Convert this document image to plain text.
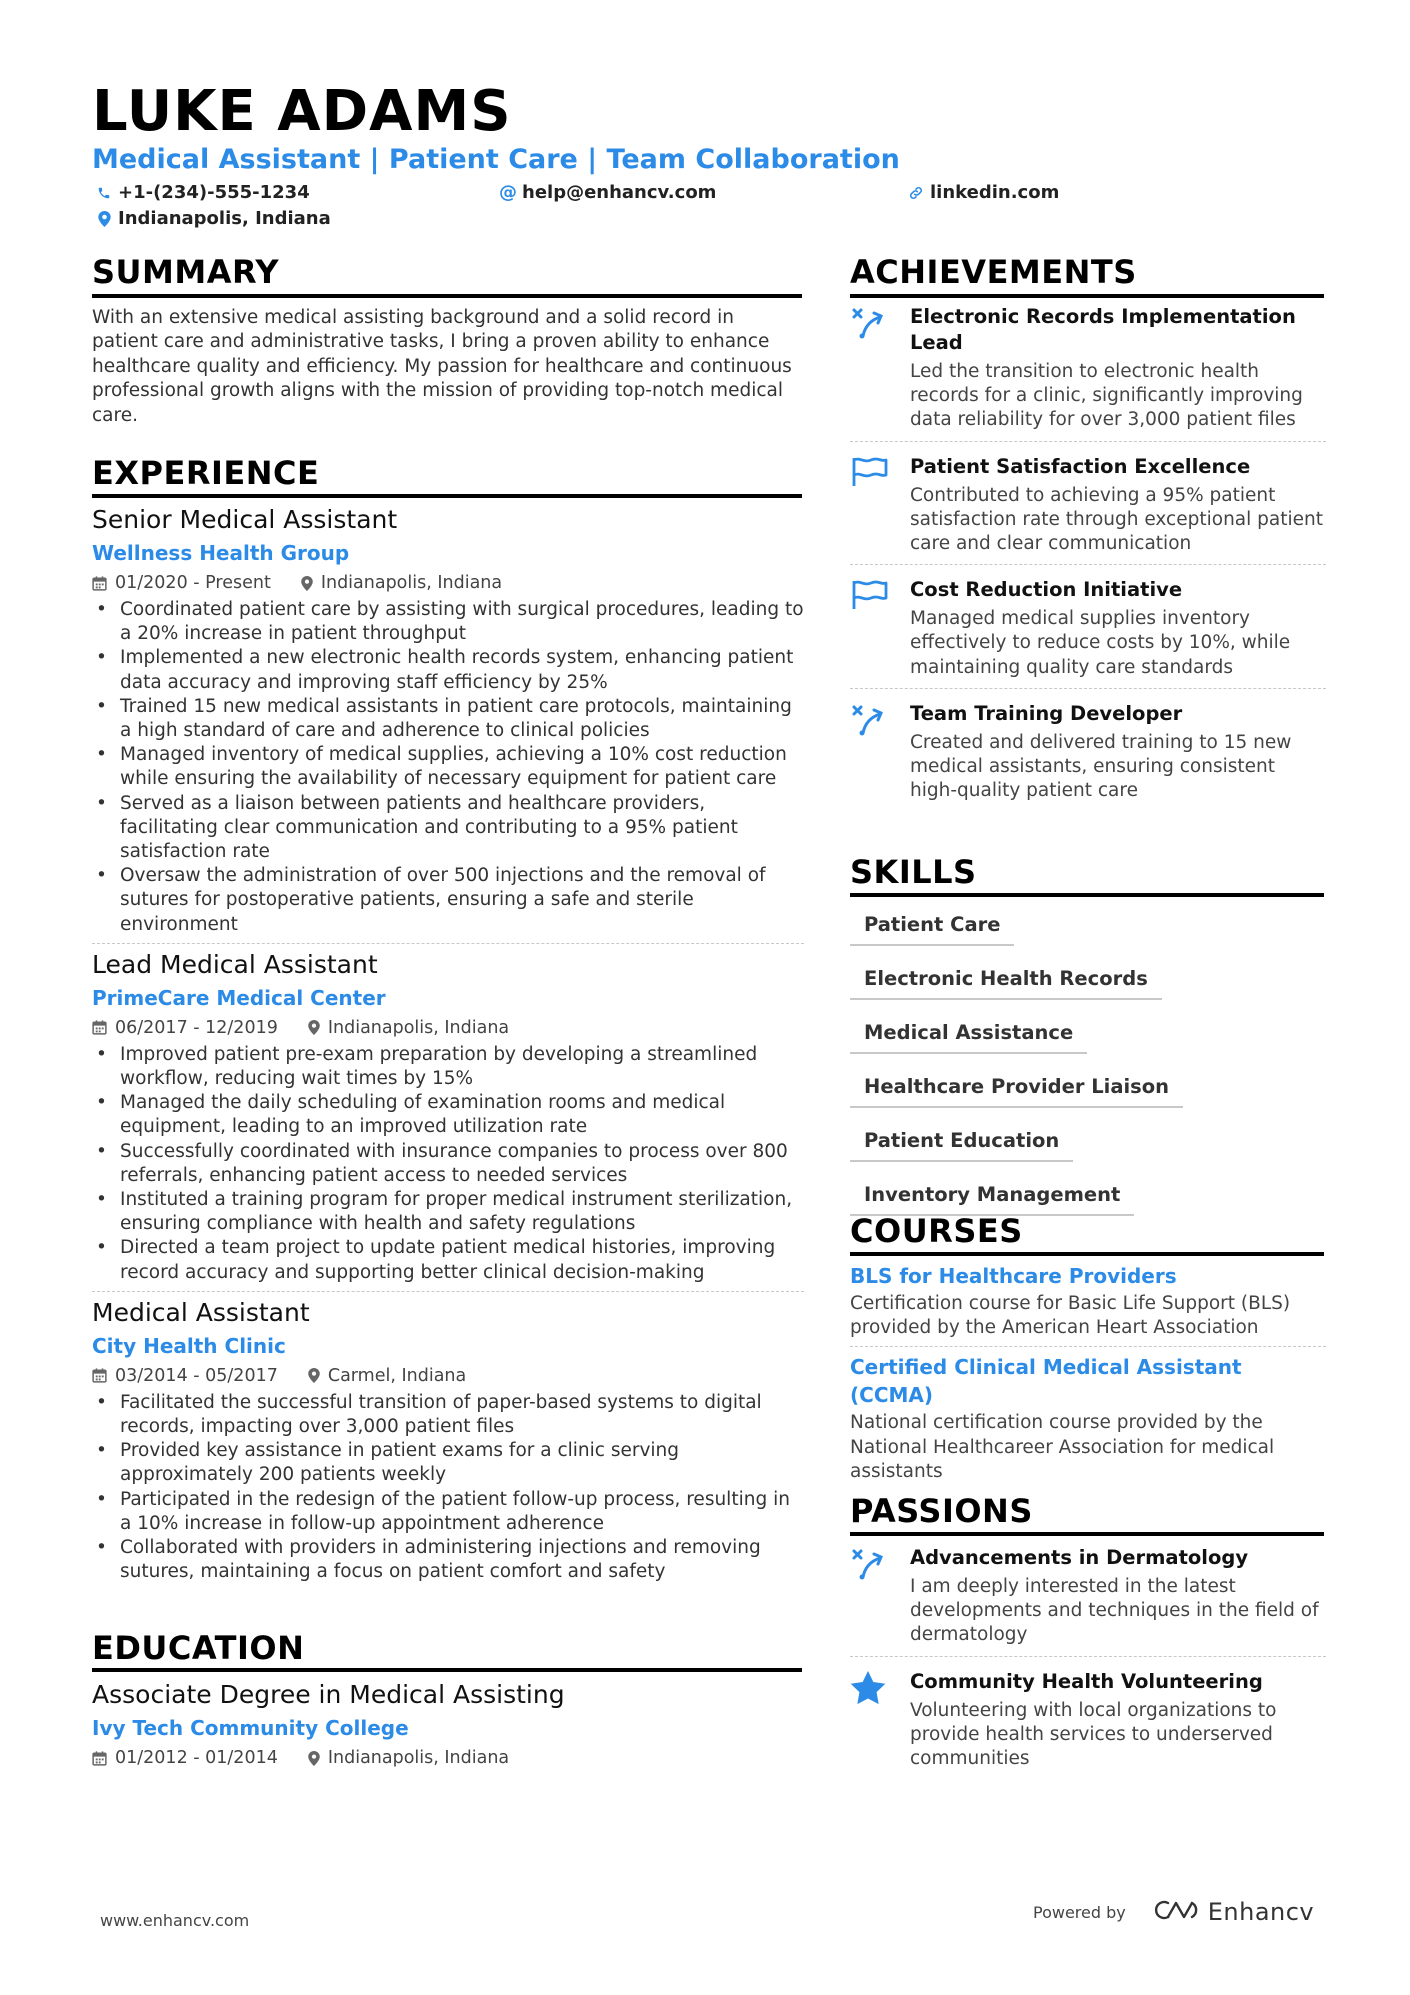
LUKE ADAMS
Medical Assistant | Patient Care | Team Collaboration
+1-(234)-555-1234	@ help@enhancv.com	linkedin.com
Indianapolis, Indiana
SUMMARY

With an extensive medical assisting background and a solid record in patient care and administrative tasks, I bring a proven ability to enhance healthcare quality and efficiency. My passion for healthcare and continuous professional growth aligns with the mission of providing top-notch medical care.

EXPERIENCE
Senior Medical Assistant
Wellness Health Group
01/2020 - Present	Indianapolis, Indiana
• Coordinated patient care by assisting with surgical procedures, leading to a 20% increase in patient throughput
• Implemented a new electronic health records system, enhancing patient data accuracy and improving staff efficiency by 25%
• Trained 15 new medical assistants in patient care protocols, maintaining a high standard of care and adherence to clinical policies
• Managed inventory of medical supplies, achieving a 10% cost reduction while ensuring the availability of necessary equipment for patient care
• Served as a liaison between patients and healthcare providers, facilitating clear communication and contributing to a 95% patient satisfaction rate
• Oversaw the administration of over 500 injections and the removal of sutures for postoperative patients, ensuring a safe and sterile environment
Lead Medical Assistant
PrimeCare Medical Center
06/2017 - 12/2019	Indianapolis, Indiana
• Improved patient pre-exam preparation by developing a streamlined workflow, reducing wait times by 15%
• Managed the daily scheduling of examination rooms and medical equipment, leading to an improved utilization rate
• Successfully coordinated with insurance companies to process over 800 referrals, enhancing patient access to needed services
• Instituted a training program for proper medical instrument sterilization, ensuring compliance with health and safety regulations
• Directed a team project to update patient medical histories, improving record accuracy and supporting better clinical decision-making
Medical Assistant
City Health Clinic
03/2014 - 05/2017	Carmel, Indiana
• Facilitated the successful transition of paper-based systems to digital records, impacting over 3,000 patient files
• Provided key assistance in patient exams for a clinic serving approximately 200 patients weekly
• Participated in the redesign of the patient follow-up process, resulting in a 10% increase in follow-up appointment adherence
• Collaborated with providers in administering injections and removing sutures, maintaining a focus on patient comfort and safety
EDUCATION
Associate Degree in Medical Assisting
Ivy Tech Community College
01/2012 - 01/2014	Indianapolis, Indiana
ACHIEVEMENTS
Electronic Records Implementation Lead
Led the transition to electronic health records for a clinic, significantly improving data reliability for over 3,000 patient files
Patient Satisfaction Excellence
Contributed to achieving a 95% patient satisfaction rate through exceptional patient care and clear communication
Cost Reduction Initiative
Managed medical supplies inventory effectively to reduce costs by 10%, while maintaining quality care standards
Team Training Developer
Created and delivered training to 15 new medical assistants, ensuring consistent high-quality patient care
SKILLS
Patient Care
Electronic Health Records
Medical Assistance
Healthcare Provider Liaison
Patient Education
Inventory Management
COURSES
BLS for Healthcare Providers
Certification course for Basic Life Support (BLS) provided by the American Heart Association
Certified Clinical Medical Assistant (CCMA)
National certification course provided by the National Healthcareer Association for medical assistants
PASSIONS
Advancements in Dermatology
I am deeply interested in the latest developments and techniques in the field of dermatology
Community Health Volunteering
Volunteering with local organizations to provide health services to underserved communities
www.enhancv.com	Powered by	Enhancv
